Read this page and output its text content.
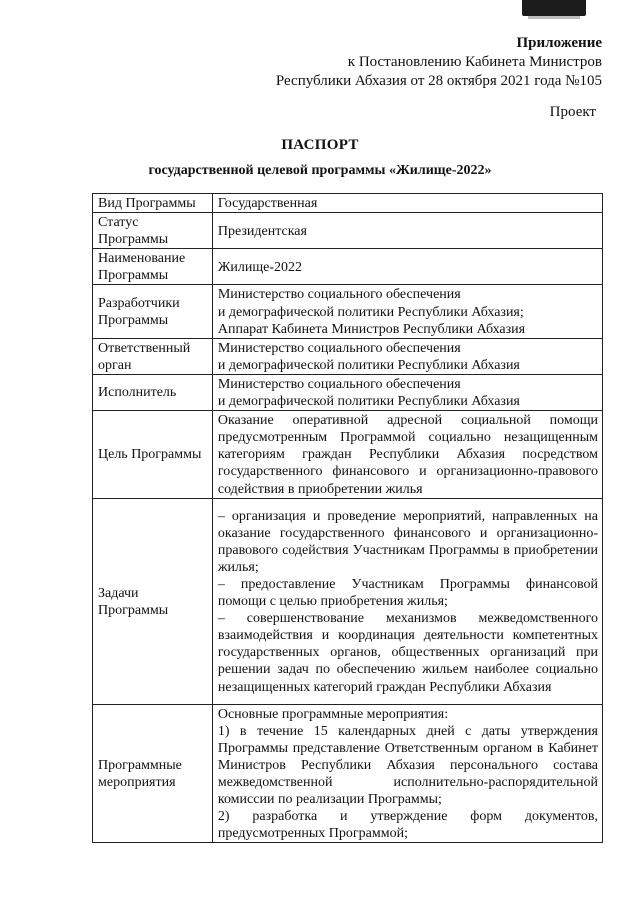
Приложение
к Постановлению Кабинета Министров
Республики Абхазия от 28 октября 2021 года №105
Проект
ПАСПОРТ
государственной целевой программы «Жилище-2022»
Вид Программы	Государственная
Статус Программы	Президентская
Наименование Программы	Жилище-2022
Разработчики Программы	Министерство социального обеспечения
и демографической политики Республики Абхазия;
Аппарат Кабинета Министров Республики Абхазия

Ответственный орган	Министерство социального обеспечения
и демографической политики Республики Абхазия

Исполнитель	Министерство социального обеспечения
и демографической политики Республики Абхазия

Цель Программы	Оказание оперативной адресной социальной помощи предусмотренным Программой социально незащищенным категориям граждан Республики Абхазия посредством государственного финансового и организационно-правового содействия в приобретении жилья
Задачи Программы	– организация и проведение мероприятий, направленных на оказание государственного финансового и организационно-правового содействия Участникам Программы в приобретении жилья;
– предоставление Участникам Программы финансовой помощи с целью приобретения жилья;
– совершенствование механизмов межведомственного взаимодействия и координация деятельности компетентных государственных органов, общественных организаций при решении задач по обеспечению жильем наиболее социально незащищенных категорий граждан Республики Абхазия

Программные мероприятия	Основные программные мероприятия:
1) в течение 15 календарных дней с даты утверждения Программы представление Ответственным органом в Кабинет Министров Республики Абхазия персонального состава межведомственной исполнительно-распорядительной комиссии по реализации Программы;
2) разработка и утверждение форм документов, предусмотренных Программой;
